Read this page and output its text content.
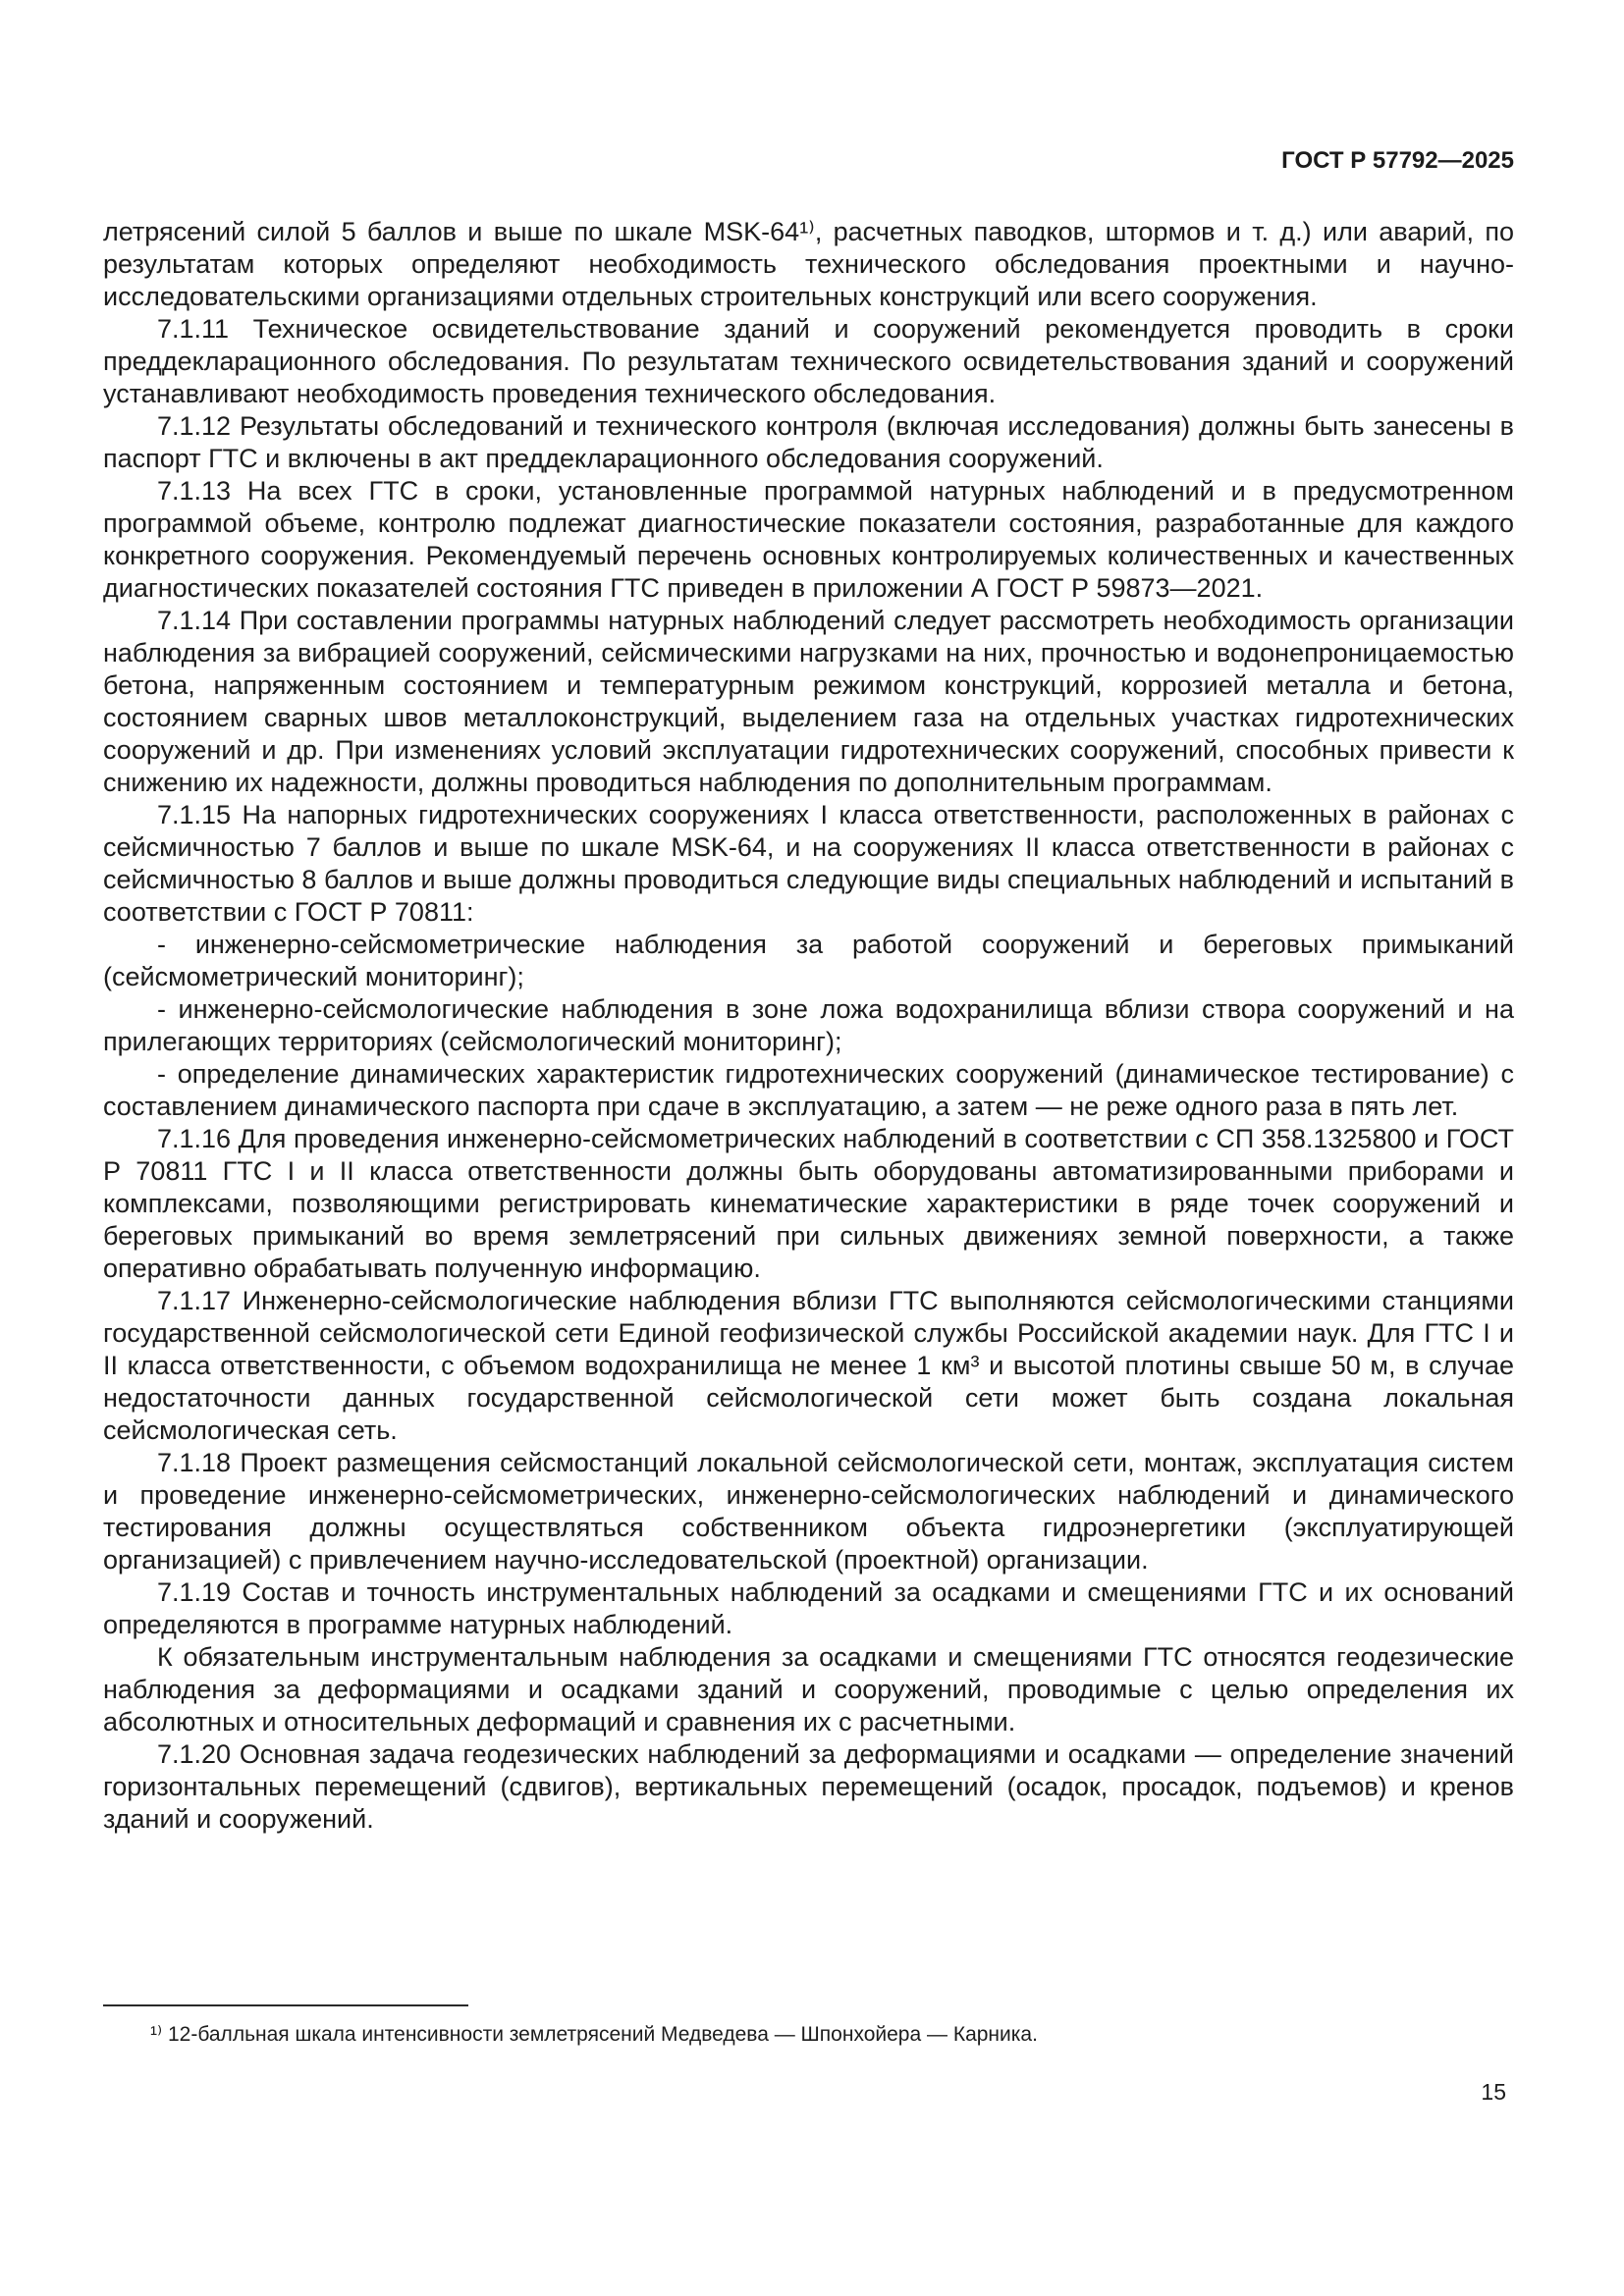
ГОСТ Р 57792—2025

летрясений силой 5 баллов и выше по шкале MSK-64¹⁾, расчетных паводков, штормов и т. д.) или аварий, по результатам которых определяют необходимость технического обследования проектными и научно-исследовательскими организациями отдельных строительных конструкций или всего сооружения.

7.1.11 Техническое освидетельствование зданий и сооружений рекомендуется проводить в сроки преддекларационного обследования. По результатам технического освидетельствования зданий и сооружений устанавливают необходимость проведения технического обследования.

7.1.12 Результаты обследований и технического контроля (включая исследования) должны быть занесены в паспорт ГТС и включены в акт преддекларационного обследования сооружений.

7.1.13 На всех ГТС в сроки, установленные программой натурных наблюдений и в предусмотренном программой объеме, контролю подлежат диагностические показатели состояния, разработанные для каждого конкретного сооружения. Рекомендуемый перечень основных контролируемых количественных и качественных диагностических показателей состояния ГТС приведен в приложении А ГОСТ Р 59873—2021.

7.1.14 При составлении программы натурных наблюдений следует рассмотреть необходимость организации наблюдения за вибрацией сооружений, сейсмическими нагрузками на них, прочностью и водонепроницаемостью бетона, напряженным состоянием и температурным режимом конструкций, коррозией металла и бетона, состоянием сварных швов металлоконструкций, выделением газа на отдельных участках гидротехнических сооружений и др. При изменениях условий эксплуатации гидротехнических сооружений, способных привести к снижению их надежности, должны проводиться наблюдения по дополнительным программам.

7.1.15 На напорных гидротехнических сооружениях I класса ответственности, расположенных в районах с сейсмичностью 7 баллов и выше по шкале MSK-64, и на сооружениях II класса ответственности в районах с сейсмичностью 8 баллов и выше должны проводиться следующие виды специальных наблюдений и испытаний в соответствии с ГОСТ Р 70811:

- инженерно-сейсмометрические наблюдения за работой сооружений и береговых примыканий (сейсмометрический мониторинг);

- инженерно-сейсмологические наблюдения в зоне ложа водохранилища вблизи створа сооружений и на прилегающих территориях (сейсмологический мониторинг);

- определение динамических характеристик гидротехнических сооружений (динамическое тестирование) с составлением динамического паспорта при сдаче в эксплуатацию, а затем — не реже одного раза в пять лет.

7.1.16 Для проведения инженерно-сейсмометрических наблюдений в соответствии с СП 358.1325800 и ГОСТ Р 70811 ГТС I и II класса ответственности должны быть оборудованы автоматизированными приборами и комплексами, позволяющими регистрировать кинематические характеристики в ряде точек сооружений и береговых примыканий во время землетрясений при сильных движениях земной поверхности, а также оперативно обрабатывать полученную информацию.

7.1.17 Инженерно-сейсмологические наблюдения вблизи ГТС выполняются сейсмологическими станциями государственной сейсмологической сети Единой геофизической службы Российской академии наук. Для ГТС I и II класса ответственности, с объемом водохранилища не менее 1 км³ и высотой плотины свыше 50 м, в случае недостаточности данных государственной сейсмологической сети может быть создана локальная сейсмологическая сеть.

7.1.18 Проект размещения сейсмостанций локальной сейсмологической сети, монтаж, эксплуатация систем и проведение инженерно-сейсмометрических, инженерно-сейсмологических наблюдений и динамического тестирования должны осуществляться собственником объекта гидроэнергетики (эксплуатирующей организацией) с привлечением научно-исследовательской (проектной) организации.

7.1.19 Состав и точность инструментальных наблюдений за осадками и смещениями ГТС и их оснований определяются в программе натурных наблюдений.

К обязательным инструментальным наблюдения за осадками и смещениями ГТС относятся геодезические наблюдения за деформациями и осадками зданий и сооружений, проводимые с целью определения их абсолютных и относительных деформаций и сравнения их с расчетными.

7.1.20 Основная задача геодезических наблюдений за деформациями и осадками — определение значений горизонтальных перемещений (сдвигов), вертикальных перемещений (осадок, просадок, подъемов) и кренов зданий и сооружений.

¹⁾ 12-балльная шкала интенсивности землетрясений Медведева — Шпонхойера — Карника.

15
